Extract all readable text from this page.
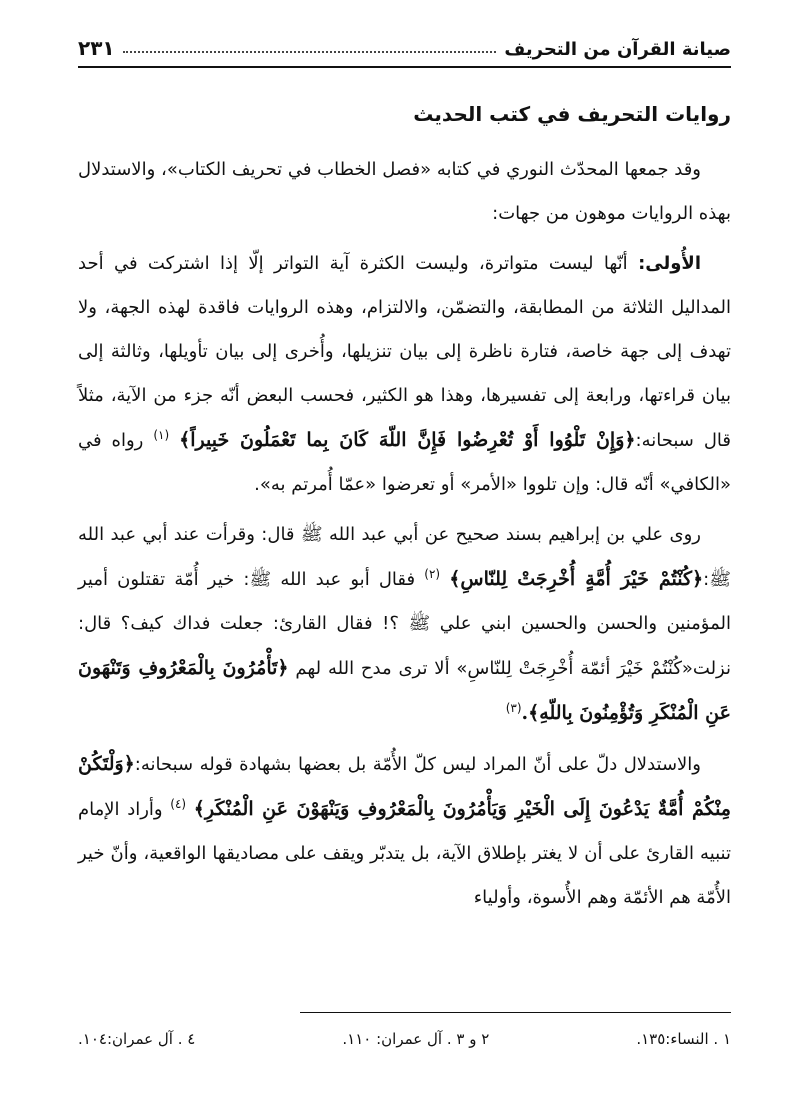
صيانة القرآن من التحريف
٢٣١
روايات التحريف في كتب الحديث

وقد جمعها المحدّث النوري في كتابه «فصل الخطاب في تحريف الكتاب»، والاستدلال بهذه الروايات موهون من جهات:

الأُولى: أنّها ليست متواترة، وليست الكثرة آية التواتر إلّا إذا اشتركت في أحد المداليل الثلاثة من المطابقة، والتضمّن، والالتزام، وهذه الروايات فاقدة لهذه الجهة، ولا تهدف إلى جهة خاصة، فتارة ناظرة إلى بيان تنزيلها، وأُخرى إلى بيان تأويلها، وثالثة إلى بيان قراءتها، ورابعة إلى تفسيرها، وهذا هو الكثير، فحسب البعض أنّه جزء من الآية، مثلاً قال سبحانه:﴿وَإِنْ تَلْوُوا أَوْ تُعْرِضُوا فَإِنَّ اللّهَ كَانَ بِما تَعْمَلُونَ خَبِيراً﴾ $^{(١)}$ رواه في «الكافي» أنّه قال: وإن تلووا «الأمر» أو تعرضوا «عمّا أُمرتم به».

روى علي بن إبراهيم بسند صحيح عن أبي عبد الله ﷺ قال: وقرأت عند أبي عبد الله ﷺ:﴿كُنْتُمْ خَيْرَ أُمَّةٍ أُخْرِجَتْ لِلنّاسِ﴾ $^{(٢)}$ فقال أبو عبد الله ﷺ: خير أُمّة تقتلون أمير المؤمنين والحسن والحسين ابني علي ﷺ ؟! فقال القارئ: جعلت فداك كيف؟ قال: نزلت«كُنْتُمْ خَيْرَ أئمّة أُخْرِجَتْ لِلنّاسِ» ألا ترى مدح الله لهم ﴿تَأْمُرُونَ بِالْمَعْرُوفِ وَتَنْهَونَ عَنِ الْمُنْكَرِ وَتُؤْمِنُونَ بِاللّهِ﴾.$^{(٣)}$

والاستدلال دلّ على أنّ المراد ليس كلّ الأُمّة بل بعضها بشهادة قوله سبحانه:﴿وَلْتَكُنْ مِنْكُمْ أُمَّةٌ يَدْعُونَ إِلَى الْخَيْرِ وَيَأْمُرُونَ بِالْمَعْرُوفِ وَيَنْهَوْنَ عَنِ الْمُنْكَرِ﴾ $^{(٤)}$ وأراد الإمام تنبيه القارئ على أن لا يغتر بإطلاق الآية، بل يتدبّر ويقف على مصاديقها الواقعية، وأنّ خير الأُمّة هم الأئمّة وهم الأُسوة، وأولياء

١ . النساء:١٣٥.
٢ و ٣ . آل عمران: ١١٠.
٤ . آل عمران:١٠٤.
